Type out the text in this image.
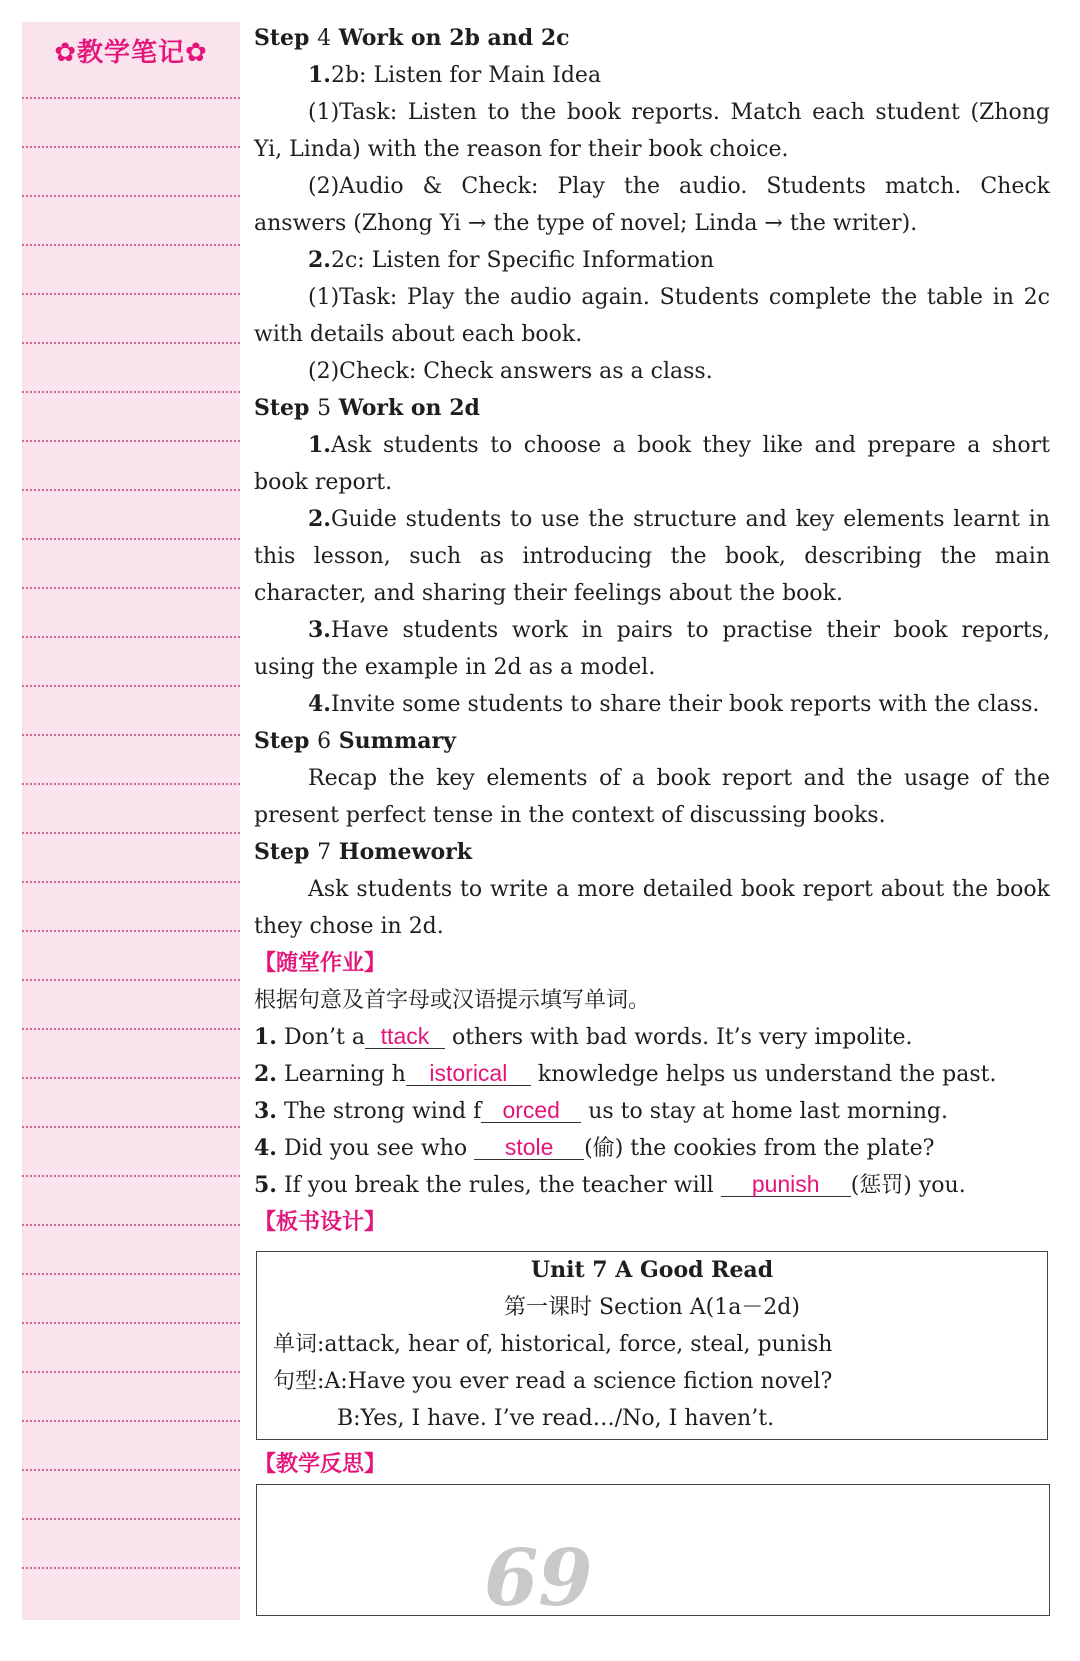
✿教学笔记✿	Step 4 Work on 2b and 2c

1.2b: Listen for Main Idea

(1)Task: Listen to the book reports. Match each student (Zhong Yi, Linda) with the reason for their book choice.

(2)Audio & Check: Play the audio. Students match. Check answers (Zhong Yi → the type of novel; Linda → the writer).

2.2c: Listen for Specific Information

(1)Task: Play the audio again. Students complete the table in 2c with details about each book.

(2)Check: Check answers as a class.

Step 5 Work on 2d

1.Ask students to choose a book they like and prepare a short book report.

2.Guide students to use the structure and key elements learnt in this lesson, such as introducing the book, describing the main character, and sharing their feelings about the book.

3.Have students work in pairs to practise their book reports, using the example in 2d as a model.

4.Invite some students to share their book reports with the class.

Step 6 Summary

Recap the key elements of a book report and the usage of the present perfect tense in the context of discussing books.

Step 7 Homework

Ask students to write a more detailed book report about the book they chose in 2d.

【随堂作业】

根据句意及首字母或汉语提示填写单词。

1. Don’t a ttack others with bad words. It’s very impolite.

2. Learning h istorical knowledge helps us understand the past.

3. The strong wind f orced us to stay at home last morning.

4. Did you see who stole (偷) the cookies from the plate?

5. If you break the rules, the teacher will punish (惩罚) you.

【板书设计】

Unit 7 A Good Read

第一课时 Section A(1a－2d)

单词:attack, hear of, historical, force, steal, punish

句型:A:Have you ever read a science fiction novel?

B:Yes, I have. I’ve read…/No, I haven’t.

【教学反思】

69
